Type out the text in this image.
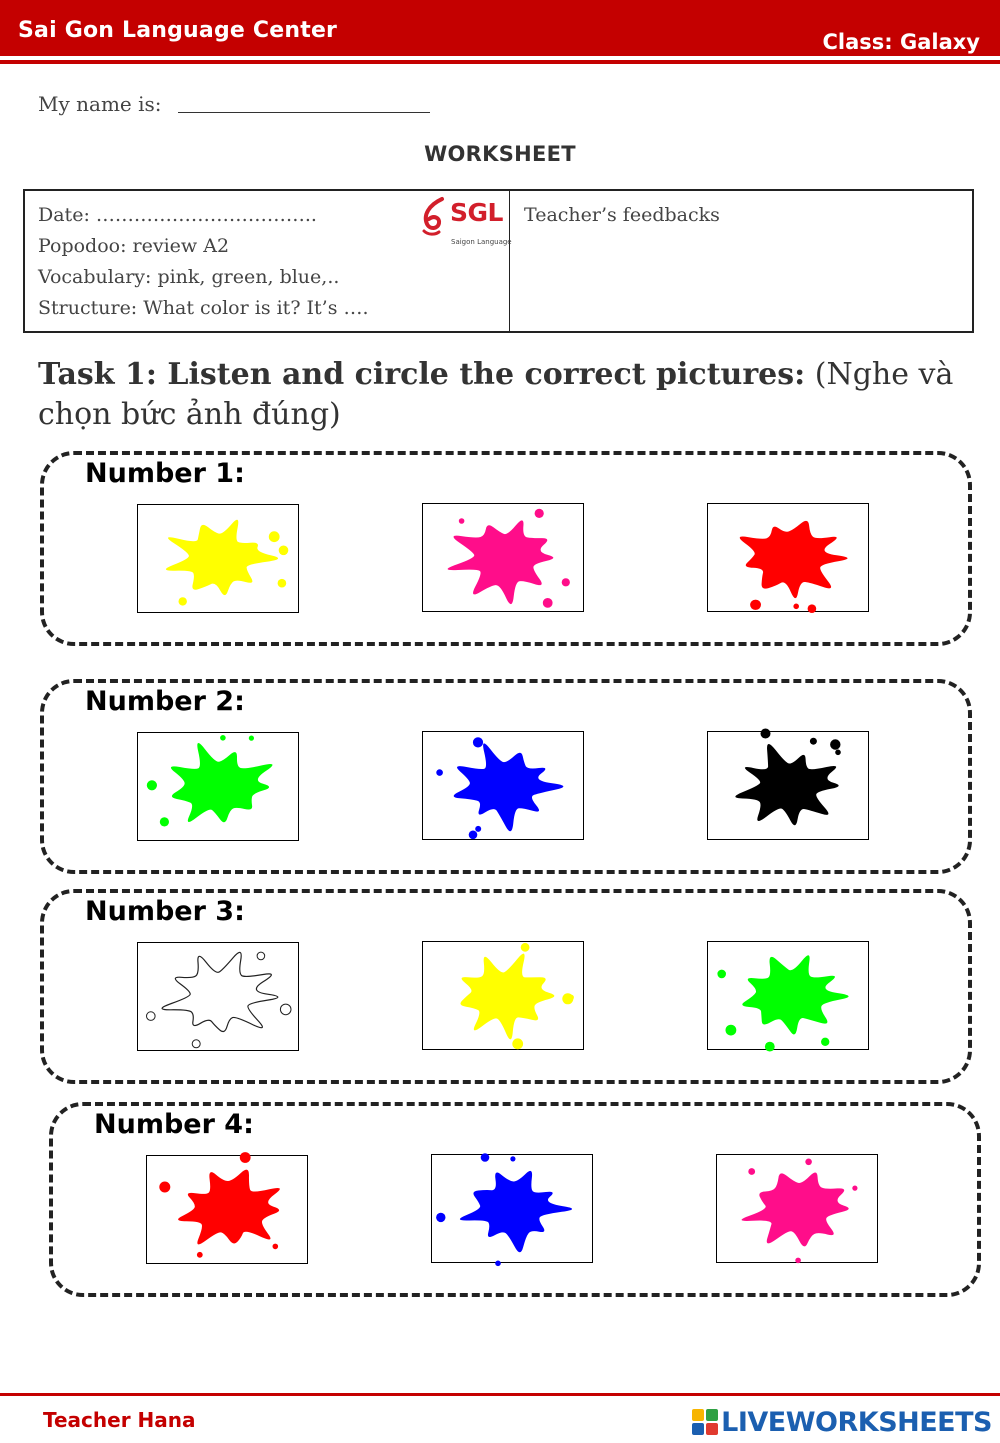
Sai Gon Language Center	Class: Galaxy
My name is:
WORKSHEET
Date: ……………………………..
Popodoo: review A2
Vocabulary: pink, green, blue,..
Structure: What color is it? It’s ….
SGL
Saigon Language
Teacher’s feedbacks
Task 1: Listen and circle the correct pictures: (Nghe và chọn bức ảnh đúng)
Number 1:
Number 2:
Number 3:
Number 4:
Teacher Hana	LIVEWORKSHEETS
